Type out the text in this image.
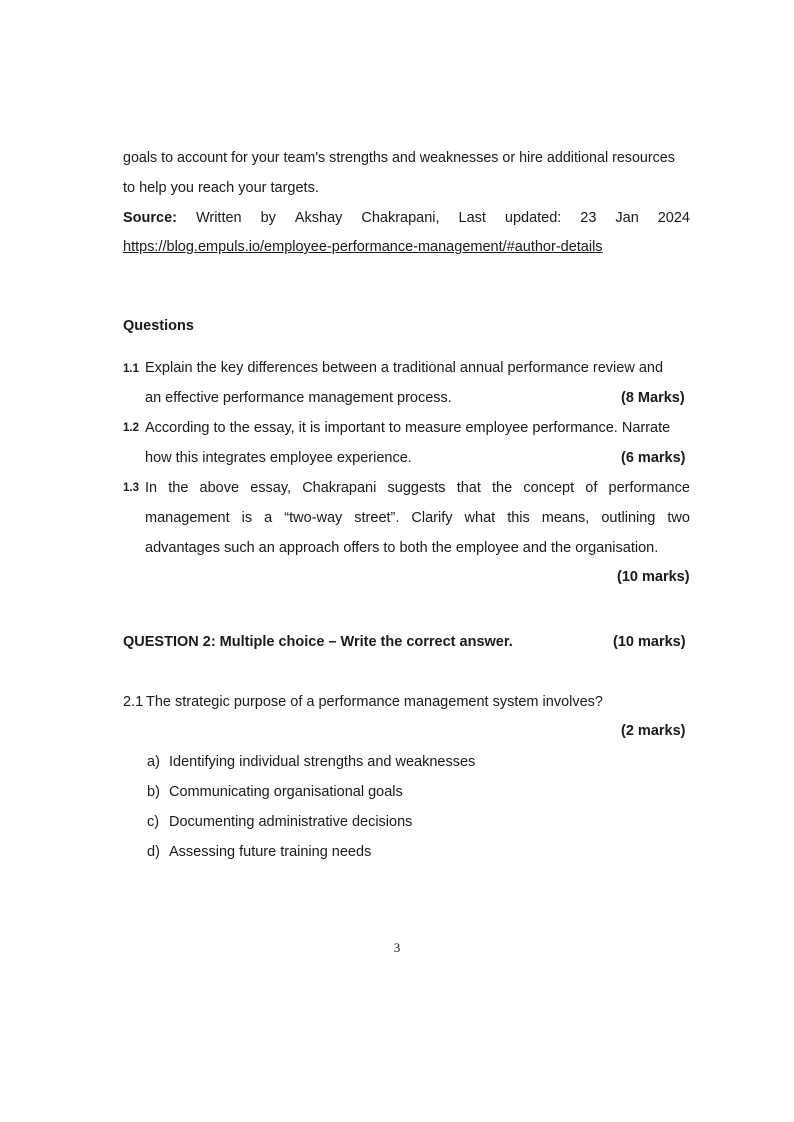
goals to account for your team's strengths and weaknesses or hire additional resources
to help you reach your targets.
Source: Written by Akshay Chakrapani, Last updated: 23 Jan 2024
https://blog.empuls.io/employee-performance-management/#author-details
Questions
1.1 Explain the key differences between a traditional annual performance review and
an effective performance management process.	(8 Marks)
1.2 According to the essay, it is important to measure employee performance. Narrate
how this integrates employee experience.	(6 marks)
1.3 In the above essay, Chakrapani suggests that the concept of performance
management is a “two-way street”. Clarify what this means, outlining two
advantages such an approach offers to both the employee and the organisation.
(10 marks)
QUESTION 2: Multiple choice – Write the correct answer.	(10 marks)
2.1 The strategic purpose of a performance management system involves?
(2 marks)
a) Identifying individual strengths and weaknesses
b) Communicating organisational goals
c) Documenting administrative decisions
d) Assessing future training needs
3
